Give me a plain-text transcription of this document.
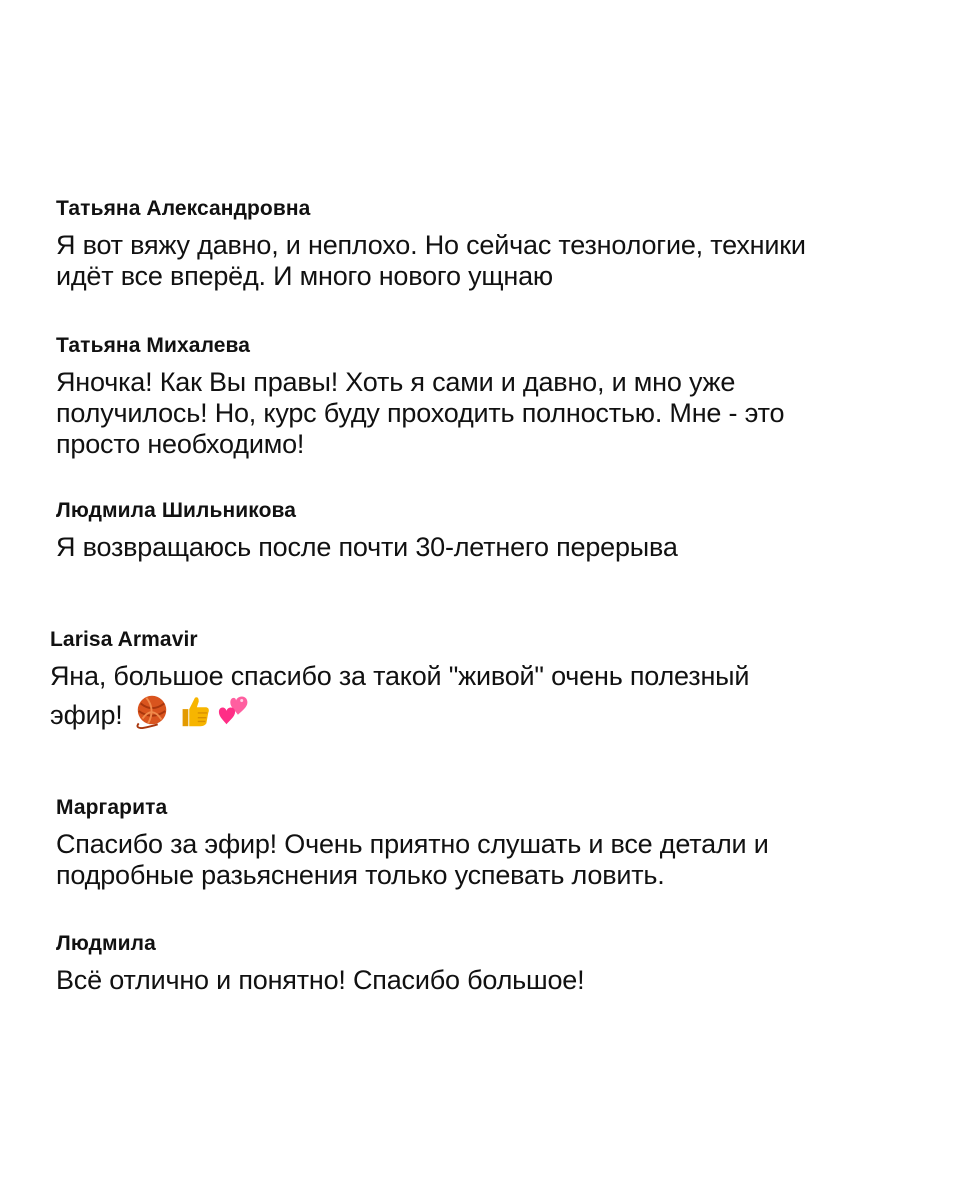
Татьяна Александровна

Я вот вяжу давно, и неплохо. Но сейчас тезнологие, техники
идёт все вперёд. И много нового ущнаю

Татьяна Михалева

Яночка! Как Вы правы! Хоть я сами и давно, и мно уже
получилось! Но, курс буду проходить полностью. Мне - это
просто необходимо!

Людмила Шильникова

Я возвращаюсь после почти 30-летнего перерыва

Larisa Armavir

Яна, большое спасибо за такой "живой" очень полезный
эфир!

Маргарита

Спасибо за эфир! Очень приятно слушать и все детали и
подробные разьяснения только успевать ловить.

Людмила

Всё отлично и понятно! Спасибо большое!
